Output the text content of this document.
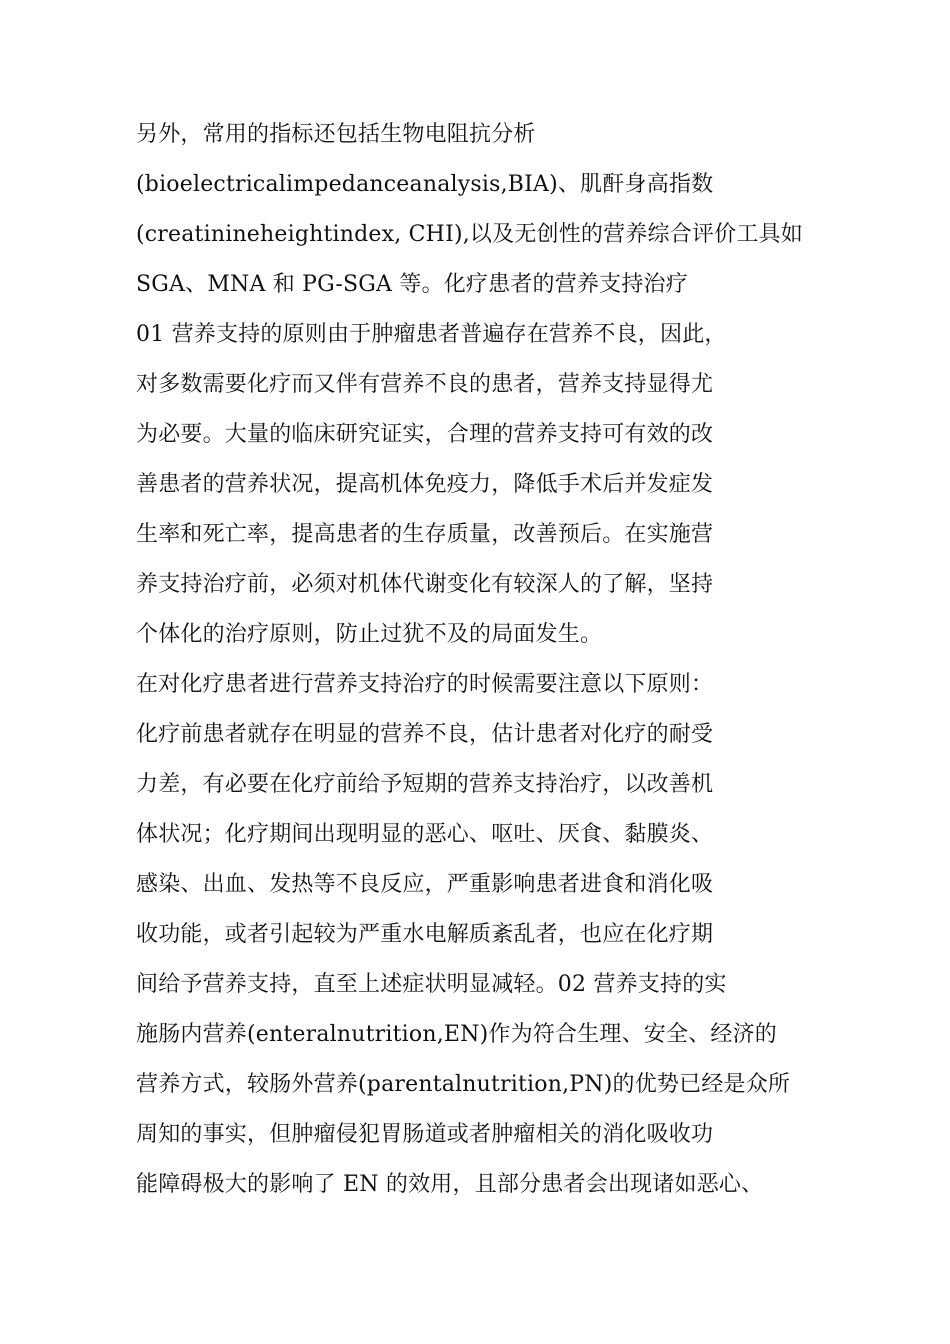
另外，常用的指标还包括生物电阻抗分析
(bioelectricalimpedanceanalysis,BIA)、肌酐身高指数
(creatinineheightindex, CHI),以及无创性的营养综合评价工具如
SGA、MNA 和 PG-SGA 等。化疗患者的营养支持治疗
01 营养支持的原则由于肿瘤患者普遍存在营养不良，因此，
对多数需要化疗而又伴有营养不良的患者，营养支持显得尤
为必要。大量的临床研究证实，合理的营养支持可有效的改
善患者的营养状况，提高机体免疫力，降低手术后并发症发
生率和死亡率，提高患者的生存质量，改善预后。在实施营
养支持治疗前，必须对机体代谢变化有较深人的了解，坚持
个体化的治疗原则，防止过犹不及的局面发生。
在对化疗患者进行营养支持治疗的时候需要注意以下原则：
化疗前患者就存在明显的营养不良，估计患者对化疗的耐受
力差，有必要在化疗前给予短期的营养支持治疗，以改善机
体状况；化疗期间出现明显的恶心、呕吐、厌食、黏膜炎、
感染、出血、发热等不良反应，严重影响患者进食和消化吸
收功能，或者引起较为严重水电解质紊乱者，也应在化疗期
间给予营养支持，直至上述症状明显减轻。02 营养支持的实
施肠内营养(enteralnutrition,EN)作为符合生理、安全、经济的
营养方式，较肠外营养(parentalnutrition,PN)的优势已经是众所
周知的事实，但肿瘤侵犯胃肠道或者肿瘤相关的消化吸收功
能障碍极大的影响了 EN 的效用，且部分患者会出现诸如恶心、
